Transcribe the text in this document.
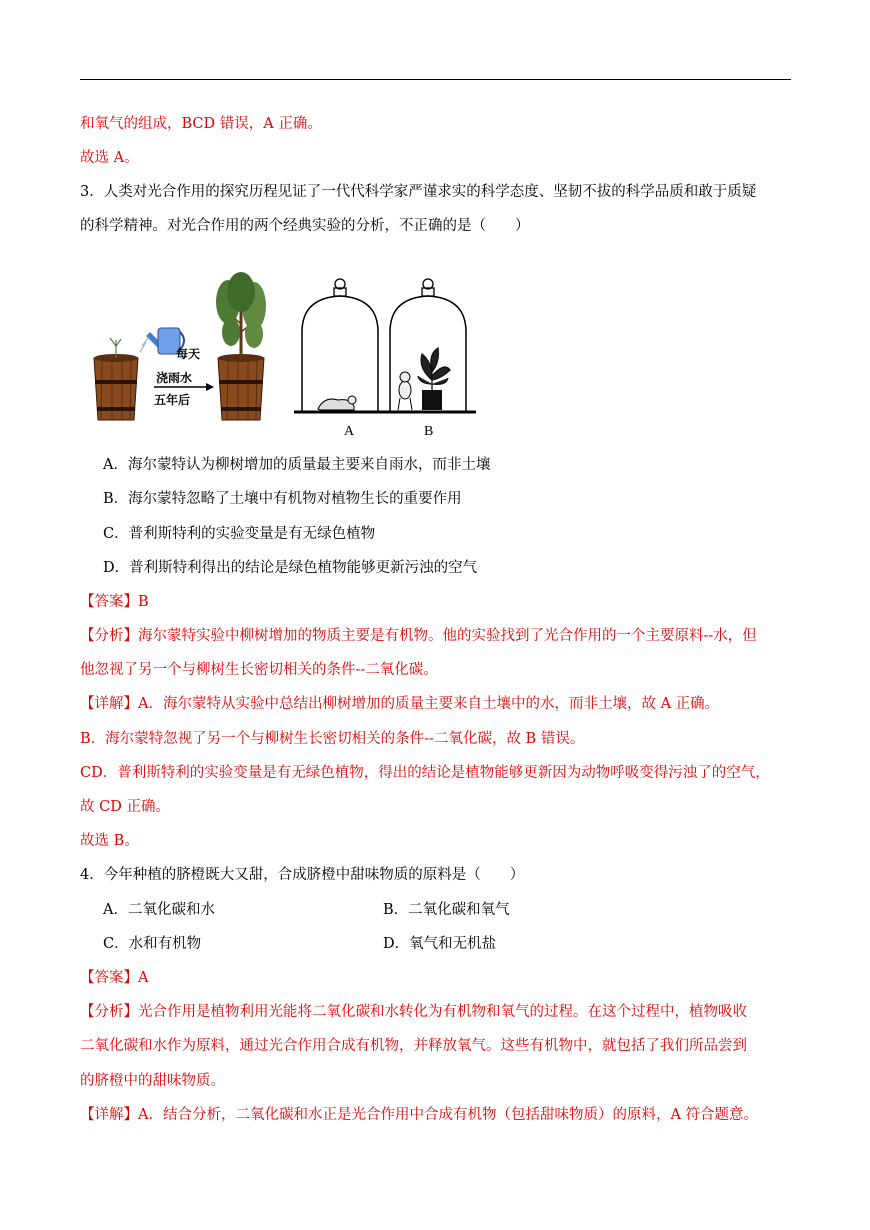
和氧气的组成，BCD 错误，A 正确。
故选 A。
3．人类对光合作用的探究历程见证了一代代科学家严谨求实的科学态度、坚韧不拔的科学品质和敢于质疑
的科学精神。对光合作用的两个经典实验的分析，不正确的是（　　）
每天
浇雨水
五年后
A	B
A．海尔蒙特认为柳树增加的质量最主要来自雨水，而非土壤
B．海尔蒙特忽略了土壤中有机物对植物生长的重要作用
C．普利斯特利的实验变量是有无绿色植物
D．普利斯特利得出的结论是绿色植物能够更新污浊的空气
【答案】B
【分析】海尔蒙特实验中柳树增加的物质主要是有机物。他的实验找到了光合作用的一个主要原料--水，但
他忽视了另一个与柳树生长密切相关的条件--二氧化碳。
【详解】A．海尔蒙特从实验中总结出柳树增加的质量主要来自土壤中的水，而非土壤，故 A 正确。
B．海尔蒙特忽视了另一个与柳树生长密切相关的条件--二氧化碳，故 B 错误。
CD．普利斯特利的实验变量是有无绿色植物，得出的结论是植物能够更新因为动物呼吸变得污浊了的空气，
故 CD 正确。
故选 B。
4．今年种植的脐橙既大又甜，合成脐橙中甜味物质的原料是（　　）
A．二氧化碳和水	B．二氧化碳和氧气
C．水和有机物	D．氧气和无机盐
【答案】A
【分析】光合作用是植物利用光能将二氧化碳和水转化为有机物和氧气的过程。在这个过程中，植物吸收
二氧化碳和水作为原料，通过光合作用合成有机物，并释放氧气。这些有机物中，就包括了我们所品尝到
的脐橙中的甜味物质。
【详解】A．结合分析，二氧化碳和水正是光合作用中合成有机物（包括甜味物质）的原料，A 符合题意。
